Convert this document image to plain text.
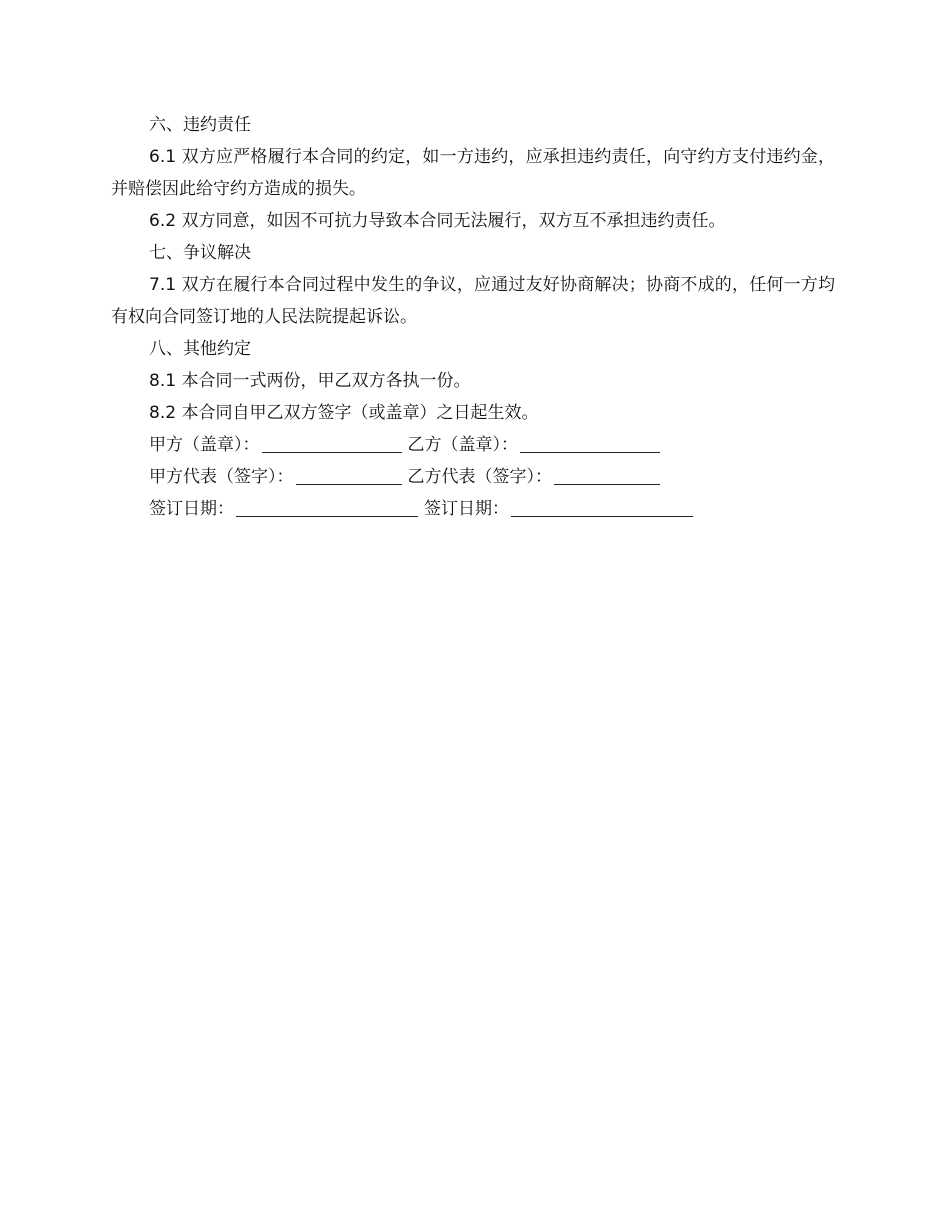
六、违约责任

6.1 双方应严格履行本合同的约定，如一方违约，应承担违约责任，向守约方支付违约金，并赔偿因此给守约方造成的损失。

6.2 双方同意，如因不可抗力导致本合同无法履行，双方互不承担违约责任。

七、争议解决

7.1 双方在履行本合同过程中发生的争议，应通过友好协商解决；协商不成的，任何一方均有权向合同签订地的人民法院提起诉讼。

八、其他约定

8.1 本合同一式两份，甲乙双方各执一份。

8.2 本合同自甲乙双方签字（或盖章）之日起生效。

甲方（盖章）：	乙方（盖章）：

甲方代表（签字）：	乙方代表（签字）：

签订日期：	签订日期：
